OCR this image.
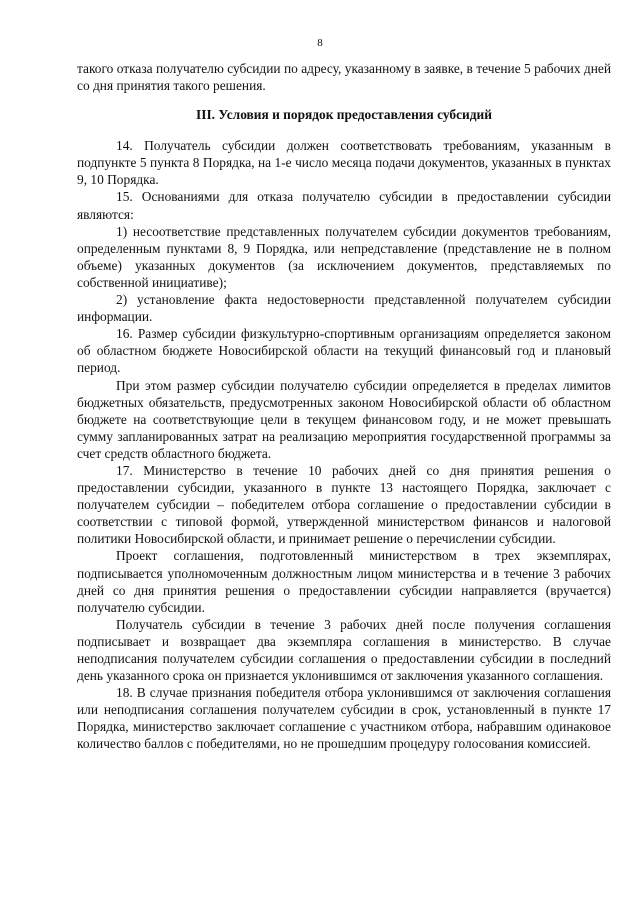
8

такого отказа получателю субсидии по адресу, указанному в заявке, в течение 5 рабочих дней со дня принятия такого решения.

III. Условия и порядок предоставления субсидий

14. Получатель субсидии должен соответствовать требованиям, указанным в подпункте 5 пункта 8 Порядка, на 1-е число месяца подачи документов, указанных в пунктах 9, 10 Порядка.

15. Основаниями для отказа получателю субсидии в предоставлении субсидии являются:

1) несоответствие представленных получателем субсидии документов требованиям, определенным пунктами 8, 9 Порядка, или непредставление (представление не в полном объеме) указанных документов (за исключением документов, представляемых по собственной инициативе);

2) установление факта недостоверности представленной получателем субсидии информации.

16. Размер субсидии физкультурно-спортивным организациям определяется законом об областном бюджете Новосибирской области на текущий финансовый год и плановый период.

При этом размер субсидии получателю субсидии определяется в пределах лимитов бюджетных обязательств, предусмотренных законом Новосибирской области об областном бюджете на соответствующие цели в текущем финансовом году, и не может превышать сумму запланированных затрат на реализацию мероприятия государственной программы за счет средств областного бюджета.

17. Министерство в течение 10 рабочих дней со дня принятия решения о предоставлении субсидии, указанного в пункте 13 настоящего Порядка, заключает с получателем субсидии – победителем отбора соглашение о предоставлении субсидии в соответствии с типовой формой, утвержденной министерством финансов и налоговой политики Новосибирской области, и принимает решение о перечислении субсидии.

Проект соглашения, подготовленный министерством в трех экземплярах, подписывается уполномоченным должностным лицом министерства и в течение 3 рабочих дней со дня принятия решения о предоставлении субсидии направляется (вручается) получателю субсидии.

Получатель субсидии в течение 3 рабочих дней после получения соглашения подписывает и возвращает два экземпляра соглашения в министерство. В случае неподписания получателем субсидии соглашения о предоставлении субсидии в последний день указанного срока он признается уклонившимся от заключения указанного соглашения.

18. В случае признания победителя отбора уклонившимся от заключения соглашения или неподписания соглашения получателем субсидии в срок, установленный в пункте 17 Порядка, министерство заключает соглашение с участником отбора, набравшим одинаковое количество баллов с победителями, но не прошедшим процедуру голосования комиссией.
